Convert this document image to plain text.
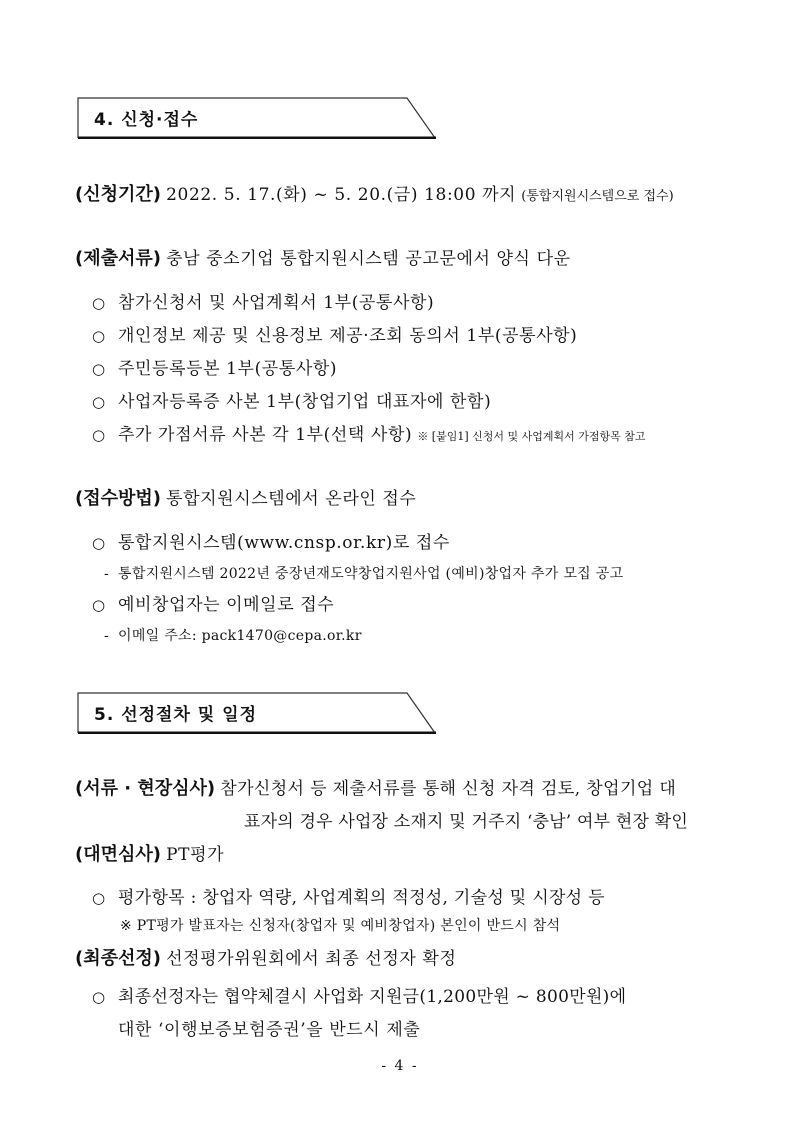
4. 신청·접수
(신청기간) 2022. 5. 17.(화) ~ 5. 20.(금) 18:00 까지 (통합지원시스템으로 접수)
(제출서류) 충남 중소기업 통합지원시스템 공고문에서 양식 다운
○ 참가신청서 및 사업계획서 1부(공통사항)
○ 개인정보 제공 및 신용정보 제공·조회 동의서 1부(공통사항)
○ 주민등록등본 1부(공통사항)
○ 사업자등록증 사본 1부(창업기업 대표자에 한함)
○ 추가 가점서류 사본 각 1부(선택 사항) ※ [붙임1] 신청서 및 사업계획서 가점항목 참고
(접수방법) 통합지원시스템에서 온라인 접수
○ 통합지원시스템(www.cnsp.or.kr)로 접수
- 통합지원시스템 2022년 중장년재도약창업지원사업 (예비)창업자 추가 모집 공고
○ 예비창업자는 이메일로 접수
- 이메일 주소: pack1470@cepa.or.kr
5. 선정절차 및 일정
(서류 · 현장심사) 참가신청서 등 제출서류를 통해 신청 자격 검토, 창업기업 대
표자의 경우 사업장 소재지 및 거주지 ‘충남’ 여부 현장 확인
(대면심사) PT평가
○ 평가항목 : 창업자 역량, 사업계획의 적정성, 기술성 및 시장성 등
※ PT평가 발표자는 신청자(창업자 및 예비창업자) 본인이 반드시 참석
(최종선정) 선정평가위원회에서 최종 선정자 확정
○ 최종선정자는 협약체결시 사업화 지원금(1,200만원 ~ 800만원)에
대한 ‘이행보증보험증권’을 반드시 제출
- 4 -
